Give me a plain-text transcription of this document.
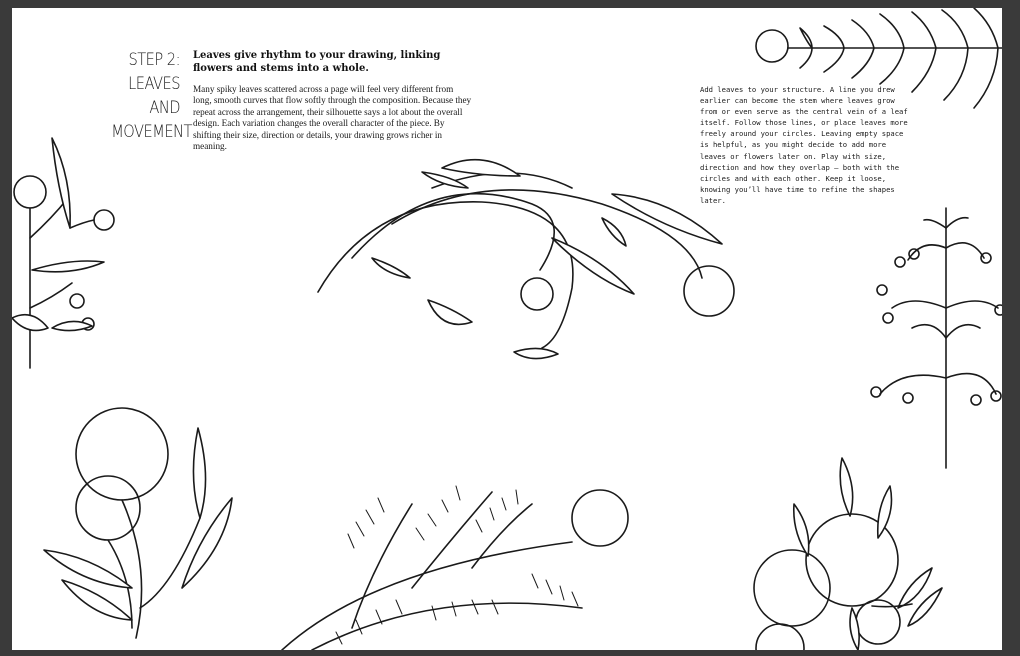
STEP 2:
LEAVES AND
MOVEMENT
Leaves give rhythm to your drawing, linking flowers and stems into a whole.
Many spiky leaves scattered across a page will feel very different from long, smooth curves that flow softly through the composition. Because they repeat across the arrangement, their silhouette says a lot about the overall design. Each variation changes the overall character of the piece. By shifting their size, direction or details, your drawing grows richer in meaning.
Add leaves to your structure. A line you drew earlier can become the stem where leaves grow from or even serve as the central vein of a leaf itself. Follow those lines, or place leaves more freely around your circles. Leaving empty space is helpful, as you might decide to add more leaves or flowers later on. Play with size, direction and how they overlap – both with the circles and with each other. Keep it loose, knowing you’ll have time to refine the shapes later.
